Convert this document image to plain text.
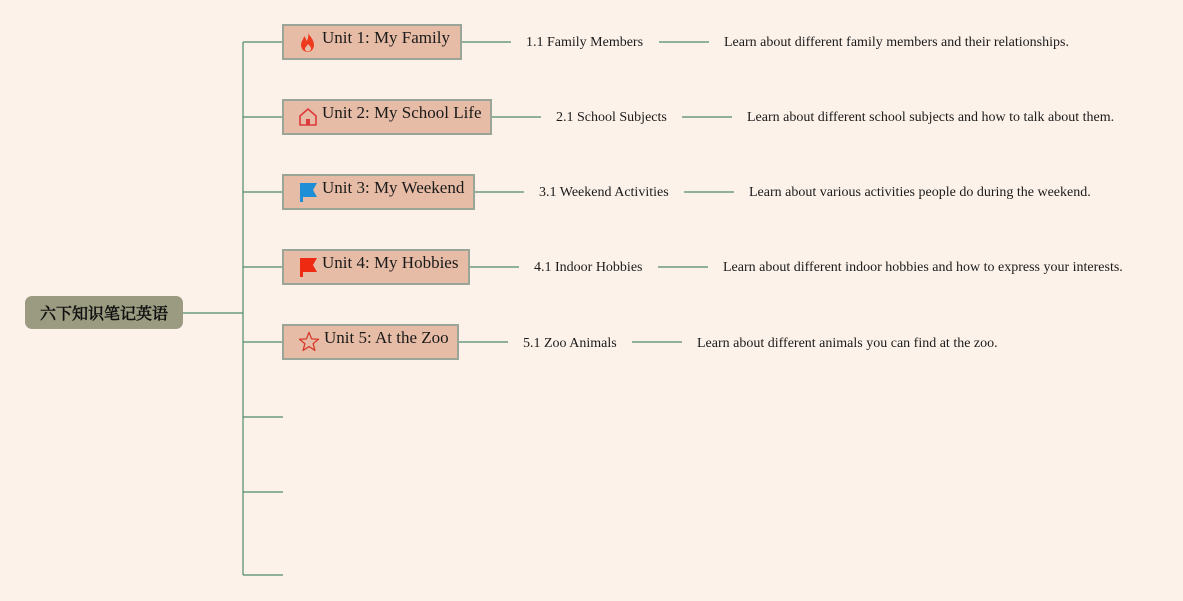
六下知识笔记英语
Unit 1: My Family	1.1 Family Members	Learn about different family members and their relationships.
Unit 2: My School Life	2.1 School Subjects	Learn about different school subjects and how to talk about them.
Unit 3: My Weekend	3.1 Weekend Activities	Learn about various activities people do during the weekend.
Unit 4: My Hobbies	4.1 Indoor Hobbies	Learn about different indoor hobbies and how to express your interests.
Unit 5: At the Zoo	5.1 Zoo Animals	Learn about different animals you can find at the zoo.
